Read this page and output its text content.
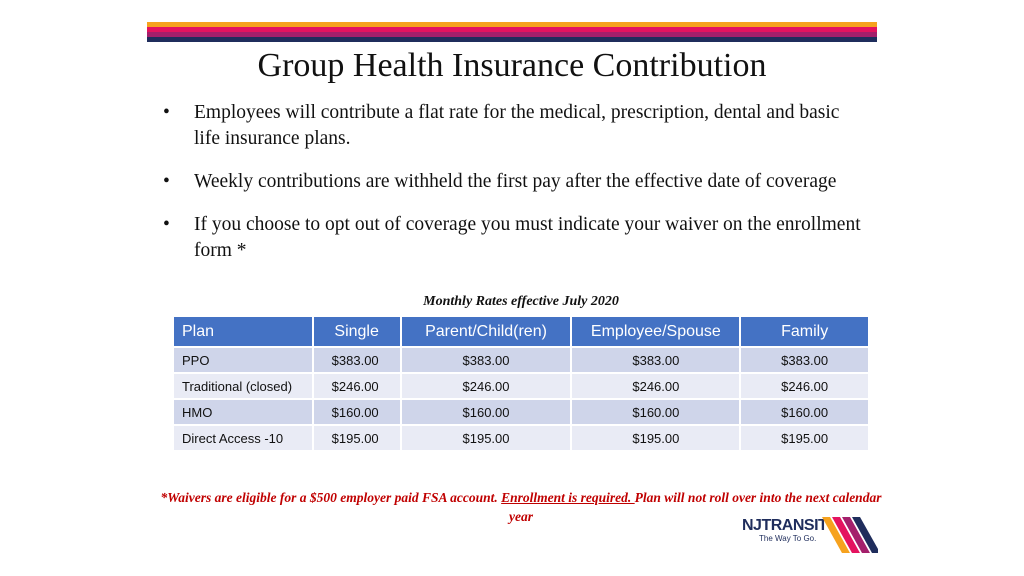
Group Health Insurance Contribution
• Employees will contribute a flat rate for the medical, prescription, dental and basic life insurance plans.
• Weekly contributions are withheld the first pay after the effective date of coverage
• If you choose to opt out of coverage you must indicate your waiver on the enrollment form *
Monthly Rates effective July 2020
Plan	Single	Parent/Child(ren)	Employee/Spouse	Family
PPO	$383.00	$383.00	$383.00	$383.00
Traditional (closed)	$246.00	$246.00	$246.00	$246.00
HMO	$160.00	$160.00	$160.00	$160.00
Direct Access -10	$195.00	$195.00	$195.00	$195.00
*Waivers are eligible for a $500 employer paid FSA account. Enrollment is required. Plan will not roll over into the next calendar year
NJTRANSIT
The Way To Go.
